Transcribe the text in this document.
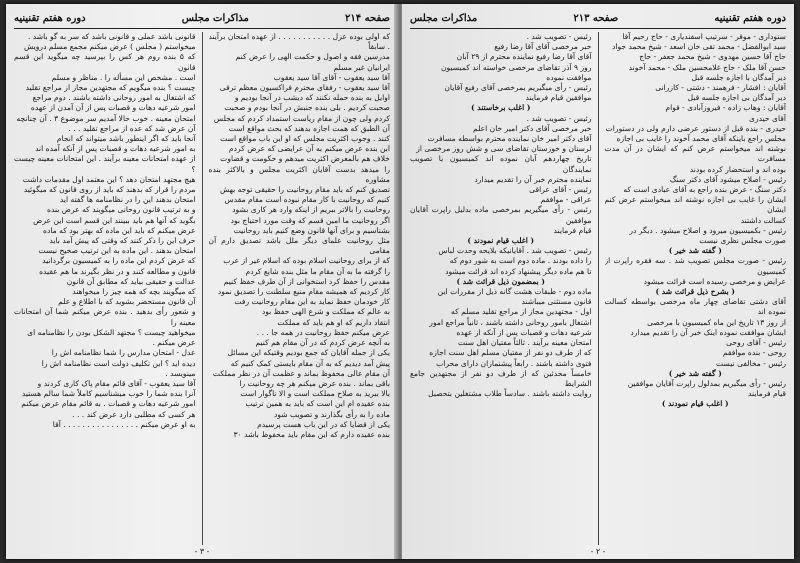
صفحه ۲۱۴
مذاکرات مجلس
دوره هفتم تقنینیه

که اولی بوده عزل . . . . . . . . . . . از عهده امتحان برآیند . سابقاً

مدرسین فقه و اصول و حکمت الهی را عرض کنم

ایرانیان غیر مسلم

آقا سید یعقوب - آقای آقا سید یعقوب

آقا سید یعقوب - رفقای محترم فراکسیون معظم ترقی

اوایل به بنده حمله نکنند که دیشب در آنجا بودیم و

صحبت کردیم . بلی بنده جنبش در آنجا بودم و صحبت

کردم ولی چون از مقام ریاست استمداد کردم که مجلس

آن الطبق که همت اجازه بدهند که بحث مواقع است

کنند . وجوب اکثریت مجلس که او این باب مواقع است

ابن بنده عرض میکنم به آن عرایضی که عرض کردم

خلاف هم بالمعرض اکثریت میدهم و حکومت و قضاوت

را میدهد بدست آقایان اکثریت مجلس و بالاکثر بنده مشاوره

تصدیق کنم که باید مقام روحانیت را حقیقی توجه بهش

کنیم که روحانیت با کار مقام نبوده است مقام مقدس

روحانیت را بالاتر ببریم از اینکه وارد هر کاری بشود

اگر روحانیت ما امین قسم که وقت مورد احتیاج بود

بشناسیم و برای آنها قانون وضع کنیم باید روحانیت

مثل روحانیت علمای دیگر ملل باشد تصدیق دارم آن مقامی

که از برای روحانیت اسلام بوده که اسلام غیر از عرب

را گرفته ما به آن مقام ما مثل بنده شایع کردم

مقدس را حفظ کرد استخوانی از آن طرف حفظ کنیم

کار کردیم که همیشه مقام منیع سلطنت را تصدیق نمود

کار خودمان حفظ نماید به این مقام روحانیت رفت

به عالم که مملکت و شرع الهی حفظ بود

انتقاد داریم که او هم باید که مملکت

عرض میکنم حفظ روحانیت در همه جا . . .

به آنچه عرض کردم که در آن مقام هم کنیم

یکی از جمله آقایان که جمع بودیم وقتیکه این مسائل

پیش آمد دیدیم که به آن مقام بایستی کمک کنیم که

آن مقام عالی محفوظ بماند و عظمت آن در نظر مملکت

باقی بماند . بنده عرض میکنم هر چه روحانیت را

بالا ببرید به صلاح مملکت است و الا ناگوار است

بنده عقیده ام این است که باید به همین ترتیب

ماده را به رأی بگذارند و تصویب شود

یکی از قضایا که در این باب هست پرسیدم

بنده عقیده دارم که این مقام باید محفوظ باشد ۳۰

قانونی باشد عملی و قانونی باشد که سر به گو باشد .

میخواستم ( مجلس ) عرض میکنم مجمع مسلم درویش

که ۵ بنده روم هر کس را بپرسید چه میگوید این قسم قانون

است . مشخص این مسأله را . مناظر و مسلم

چیست ؟ بنده میگویم که مجتهدین مجاز از مراجع تقلید

که اشتغال به امور روحانی داشته باشند . دوم مراجع

امور شرعیه دهات و قصبات پس از آن آمدن از عهده

امتحان معینه . خوب حالا آمدیم سر موضوع ۳ . آن چنانچه

آن عرض شد که عده از مراجع تقلید . . .

آنجا باید که اگر اینطور باشد میتواند که انجام

به امور شرعیه دهات و قصبات پس از آنکه آمده اند

از عهده امتحانات معینه برآیند . این امتحانات معینه چیست ؟

هیچ مجتهد امتحان دهد ؟ این معتمد اول مقدمات داشت

مردم را قرار که بدهند که باید از روی قانون که میگوئید

امتحان بدهند این را در نظامنامه ها گفته اید

و به ترتیب قانون روحانی میگویند که عرض بنده

بگوید که آنها هم باید ببینند این قسم است این عرض

عرض میکنم که باید این ماده که بهتر بود که ماده

حرف این را ذکر کنند که وقتی که پیش آمد باید

امتحان بدهند . این ماده به این ترتیب صحیح نیست

که عرض کردم این ماده را به کمیسیون برگردانید

قانون و مطالعه کنند و در نظر بگیرند ما هم عقیده

عدالت و حقیقی بیاید که مطابق آن قانون

که میگویند بچه که همه چیز را میخواهند

آن قانون مستحضر بشوید که با اطلاع و علم

و شعور رأی بدهید . بنده عرض میکنم شما آن امتحانات معینه را

میخواهید چیست ؟ مجتهد الشکل بودن را نظامنامه ای

عرض میکنم .

عدل - امتحان مدارس را شما نظامنامه اش را

دیده اید ؟ این تکلیف دولت است نظامنامه اش را

مینویسد .

آقا سید یعقوب - آقای قائم مقام پاک کاری کردند و

آنرا بنده شما را خوب میشناسیم کاملاً شما سالم هستید

امور شرعیه دهات و قصبات . به قائم مقام عرض میکنم

هر کسی که مطلبی دارد عرض کند . . .

به او عرض میکنم . . . . . . . . . . . . . . . . آقا

- ۳ -
دوره هفتم تقنینیه
صفحه ۲۱۳
مذاکرات مجلس

ستوداری - موقر - سرتیپ اسفندیاری - حاج رحیم آقا

سید ابوالفضل - محمد تقی خان اسعد - شیخ محمد جواد

حاج آقا حسین مهدوی - شیخ محمد جعفر - حاج

حسن آقا ملک - حاج غلامحسین ملک - محمد آخوند

دیر آمدگان با اجازه جلسه قبل

آقایان : افشار - فرهمند - دشتی - کازرانی

دیر آمدگان بی اجازه جلسه قبل

آقایان : وهاب زاده - فیروزآبادی - قوام

آقای حیدری

حیدری - بنده قبل از دستور عرضی دارم ولی در دستورات

مجلس راجع باینکه آقای محمد آخوند را غایب بی اجازه

نوشته اند میخواستم عرض کنم که ایشان در آن مدت مسافرت

بوده اند و استحضار کرده بودند

رئیس - اصلاح میشود آقای دکتر سنگ

دکتر سنگ - عرض بنده راجع به آقای عبادی است که

ایشان را غایب بی اجازه نوشته اند میخواستم عرض کنم ایشان

کسالت داشتند

رئیس - بکمیسیون میرود و اصلاح میشود . دیگر در

صورت مجلس نظری نیست

( گفته شد خیر )

رئیس - صورت مجلس تصویب شد . سه فقره راپرت از کمیسیون

عرایض و مرخصی رسیده است قرائت میشود

( بشرح ذیل قرائت شد )

آقای دشتی تقاضای چهار ماه مرخصی بواسطه کسالت نموده اند

از روز ۱۳ تاریخ این ماه کمیسیون با مرخصی

ایشان موافقت نموده اینک خبر آن را تقدیم میدارد

رئیس - آقای روحی

روحی - بنده موافقم

رئیس - مخالفی نیست

( گفته شد خیر )

رئیس - رأی میگیریم بمدلول راپرت آقایان موافقین

قیام فرمایند

( اغلب قیام نمودند )

رئیس - تصویب شد .

خبر مرخصی آقای آقا رضا رفیع

آقای آقا رضا رفیع نماینده محترم از ۲۹ آبان

روز ۹ آذر تقاضای مرخصی خواسته اند کمیسیون

موافقت نموده

رئیس - رأی میگیریم بمرخصی آقای رفیع آقایان

موافقین قیام فرمایند

( اغلب برخاستند )

رئیس - تصویب شد .

خبر مرخصی آقای دکتر امیر خان اعلم

آقای دکتر امیر خان نماینده محترم بواسطه مسافرت

لرستان و خوزستان تقاضای سی و شش روز مرخصی از

تاریخ چهاردهم آبان نموده اند کمیسیون با تصویب نمایندگان

نماینده محترم خبر آن را تقدیم میدارد

رئیس - آقای عراقی

عراقی - موافقم

رئیس - رأی میگیریم بمرخصی ماده بدلیل راپرت آقایان موافقین

قیام فرمایند

( اغلب قیام نمودند )

رئیس - تصویب شد . آقایانیکه بلایحه وحدت لباس

را داده بودند . ماده دوم است به شور دوم که

تا هم ماده دیگر پیشنهاد کرده اند قرائت میشود

( بمضمون ذیل قرائت شد )

ماده دوم - طبقات هشت گانه ذیل از مقررات این

قانون مستثنی میباشند

اول - مجتهدین مجاز از مراجع تقلید مسلم که

اشتغال بامور روحانی داشته باشند ، ثانیاً مراجع امور

شرعیه دهات و قصبات پس از آنکه از عهده

امتحان معینه برآیند . ثالثاً مفتیان اهل سنت

که از طرف دو نفر از مفتیان مسلم اهل سنت اجازه

فتوی داشته باشند . رابعاً پیشنمازان دارای محراب

خامساً محدثین که از طرف دو نفر از مجتهدین جامع الشرایط

روایت داشته باشند . سادساً طلاب مشتغلین بتحصیل

- ۲ -
